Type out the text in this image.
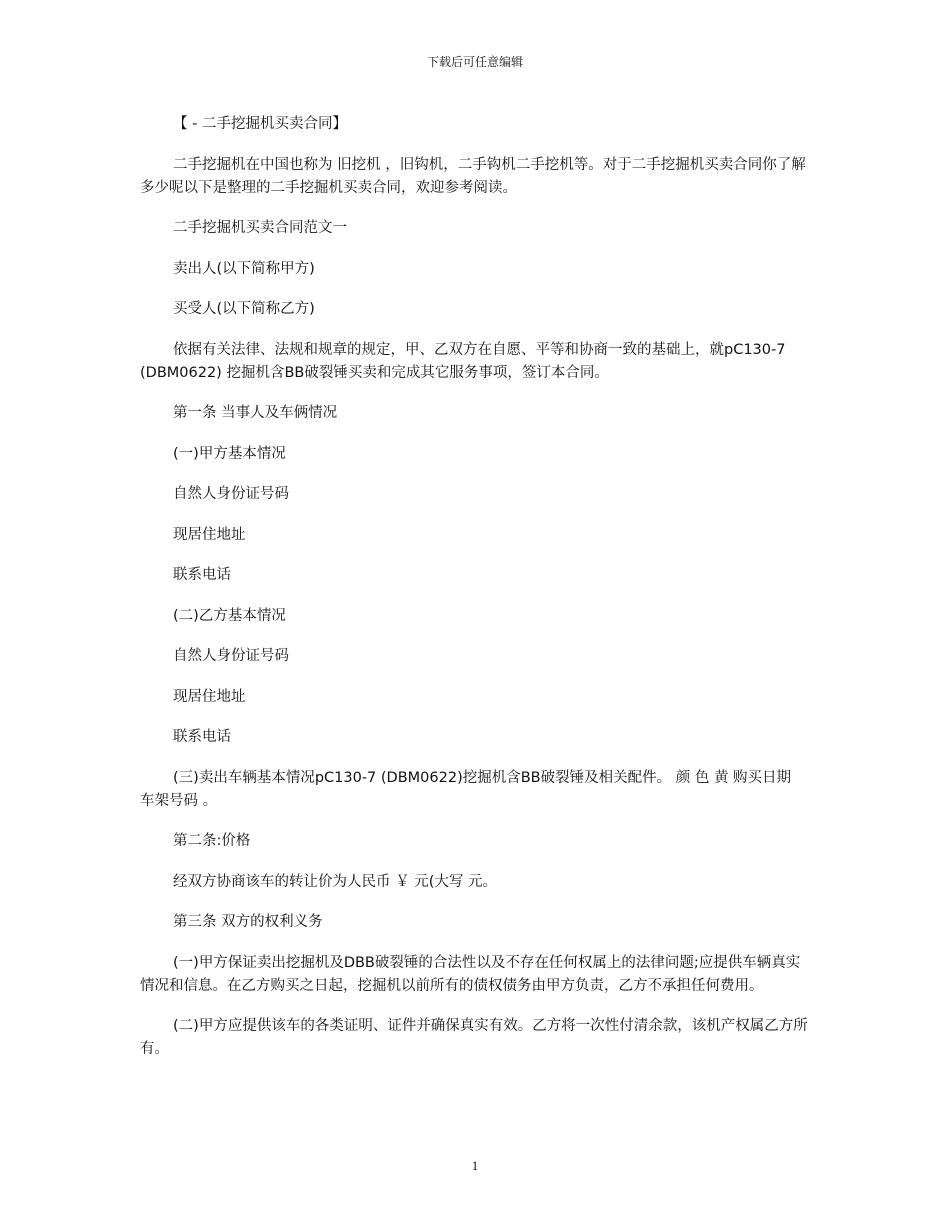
下载后可任意编辑

【 - 二手挖掘机买卖合同】

二手挖掘机在中国也称为 旧挖机 ，旧钩机，二手钩机二手挖机等。对于二手挖掘机买卖合同你了解多少呢以下是整理的二手挖掘机买卖合同，欢迎参考阅读。

二手挖掘机买卖合同范文一

卖出人(以下简称甲方)

买受人(以下简称乙方)

依据有关法律、法规和规章的规定，甲、乙双方在自愿、平等和协商一致的基础上，就pC130-7 (DBM0622) 挖掘机含BB破裂锤买卖和完成其它服务事项，签订本合同。

第一条 当事人及车俩情况

(一)甲方基本情况

自然人身份证号码

现居住地址

联系电话

(二)乙方基本情况

自然人身份证号码

现居住地址

联系电话

(三)卖出车辆基本情况pC130-7 (DBM0622)挖掘机含BB破裂锤及相关配件。 颜 色 黄 购买日期 车架号码 。

第二条:价格

经双方协商该车的转让价为人民币 ￥ 元(大写 元。

第三条 双方的权利义务

(一)甲方保证卖出挖掘机及DBB破裂锤的合法性以及不存在任何权属上的法律问题;应提供车辆真实情况和信息。在乙方购买之日起，挖掘机以前所有的债权债务由甲方负责，乙方不承担任何费用。

(二)甲方应提供该车的各类证明、证件并确保真实有效。乙方将一次性付清余款，该机产权属乙方所有。

1
